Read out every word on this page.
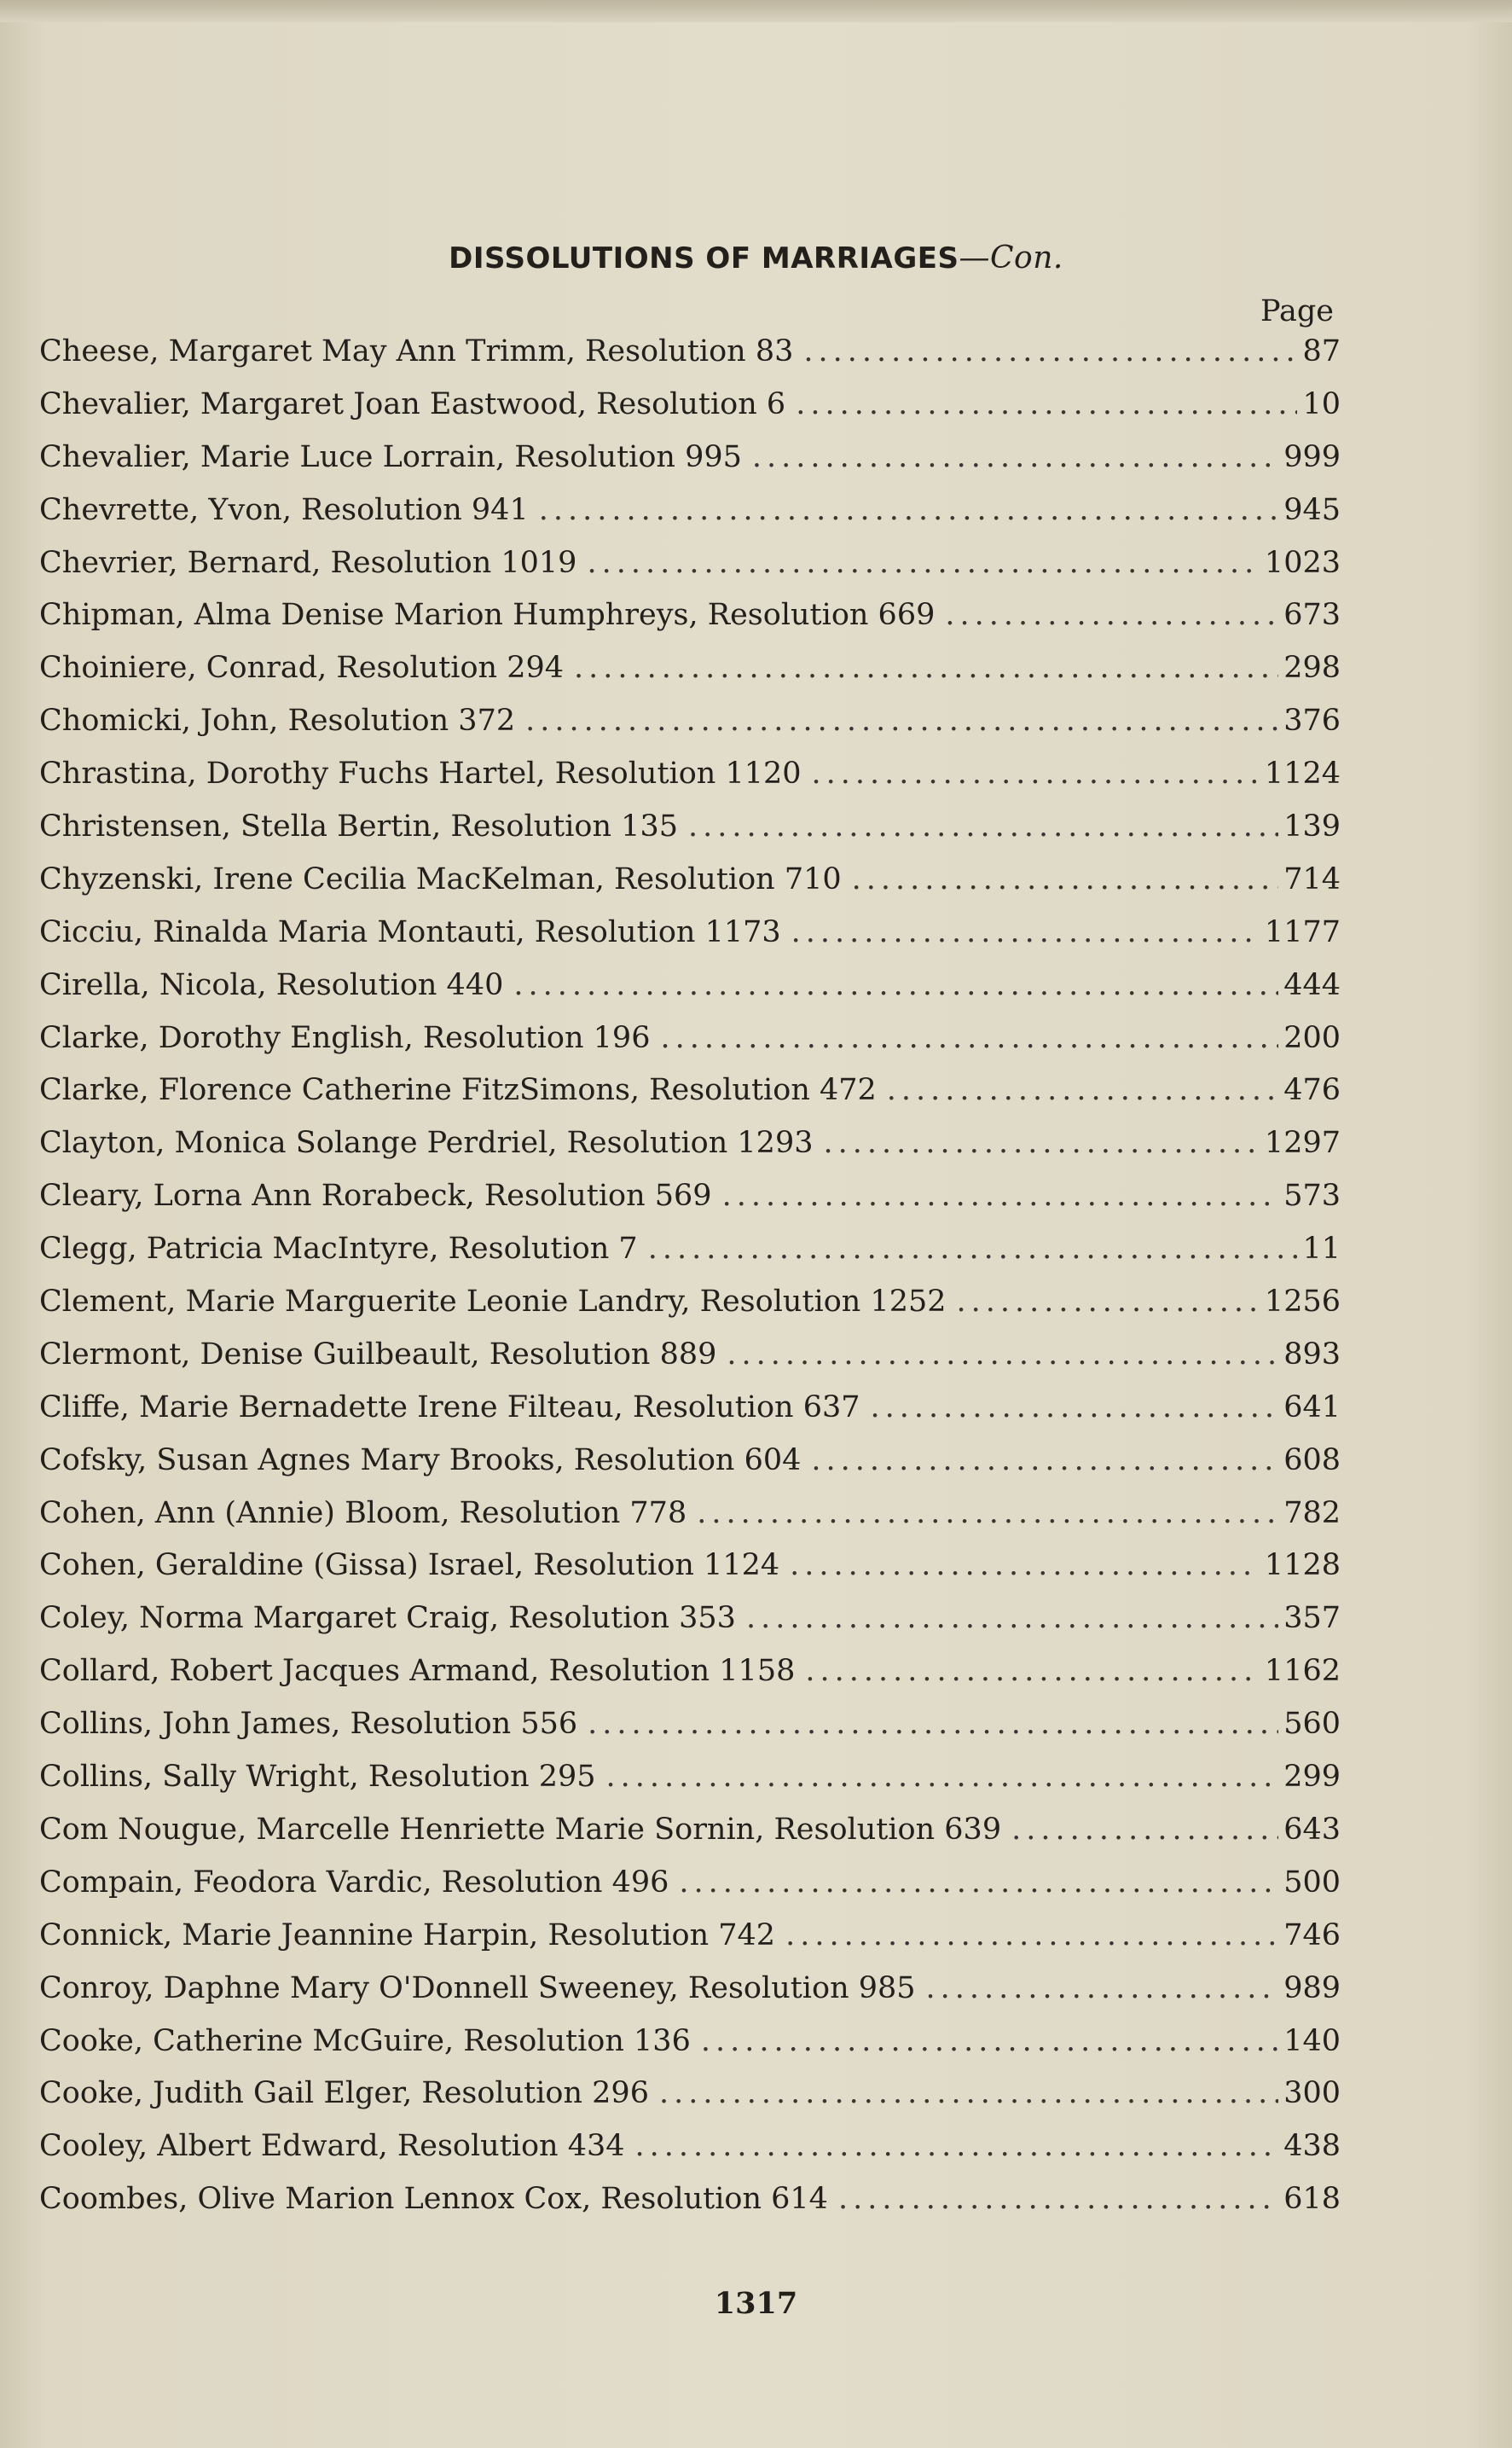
DISSOLUTIONS OF MARRIAGES—Con.
Page
Cheese, Margaret May Ann Trimm, Resolution 83 .....	87
Chevalier, Margaret Joan Eastwood, Resolution 6 .....	10
Chevalier, Marie Luce Lorrain, Resolution 995 .....	999
Chevrette, Yvon, Resolution 941 .....	945
Chevrier, Bernard, Resolution 1019 .....	1023
Chipman, Alma Denise Marion Humphreys, Resolution 669 .....	673
Choiniere, Conrad, Resolution 294 .....	298
Chomicki, John, Resolution 372 .....	376
Chrastina, Dorothy Fuchs Hartel, Resolution 1120 .....	1124
Christensen, Stella Bertin, Resolution 135 .....	139
Chyzenski, Irene Cecilia MacKelman, Resolution 710 .....	714
Cicciu, Rinalda Maria Montauti, Resolution 1173 .....	1177
Cirella, Nicola, Resolution 440 .....	444
Clarke, Dorothy English, Resolution 196 .....	200
Clarke, Florence Catherine FitzSimons, Resolution 472 .....	476
Clayton, Monica Solange Perdriel, Resolution 1293 .....	1297
Cleary, Lorna Ann Rorabeck, Resolution 569 .....	573
Clegg, Patricia MacIntyre, Resolution 7 .....	11
Clement, Marie Marguerite Leonie Landry, Resolution 1252 .....	1256
Clermont, Denise Guilbeault, Resolution 889 .....	893
Cliffe, Marie Bernadette Irene Filteau, Resolution 637 .....	641
Cofsky, Susan Agnes Mary Brooks, Resolution 604 .....	608
Cohen, Ann (Annie) Bloom, Resolution 778 .....	782
Cohen, Geraldine (Gissa) Israel, Resolution 1124 .....	1128
Coley, Norma Margaret Craig, Resolution 353 .....	357
Collard, Robert Jacques Armand, Resolution 1158 .....	1162
Collins, John James, Resolution 556 .....	560
Collins, Sally Wright, Resolution 295 .....	299
Com Nougue, Marcelle Henriette Marie Sornin, Resolution 639 .....	643
Compain, Feodora Vardic, Resolution 496 .....	500
Connick, Marie Jeannine Harpin, Resolution 742 .....	746
Conroy, Daphne Mary O'Donnell Sweeney, Resolution 985 .....	989
Cooke, Catherine McGuire, Resolution 136 .....	140
Cooke, Judith Gail Elger, Resolution 296 .....	300
Cooley, Albert Edward, Resolution 434 .....	438
Coombes, Olive Marion Lennox Cox, Resolution 614 .....	618
1317
